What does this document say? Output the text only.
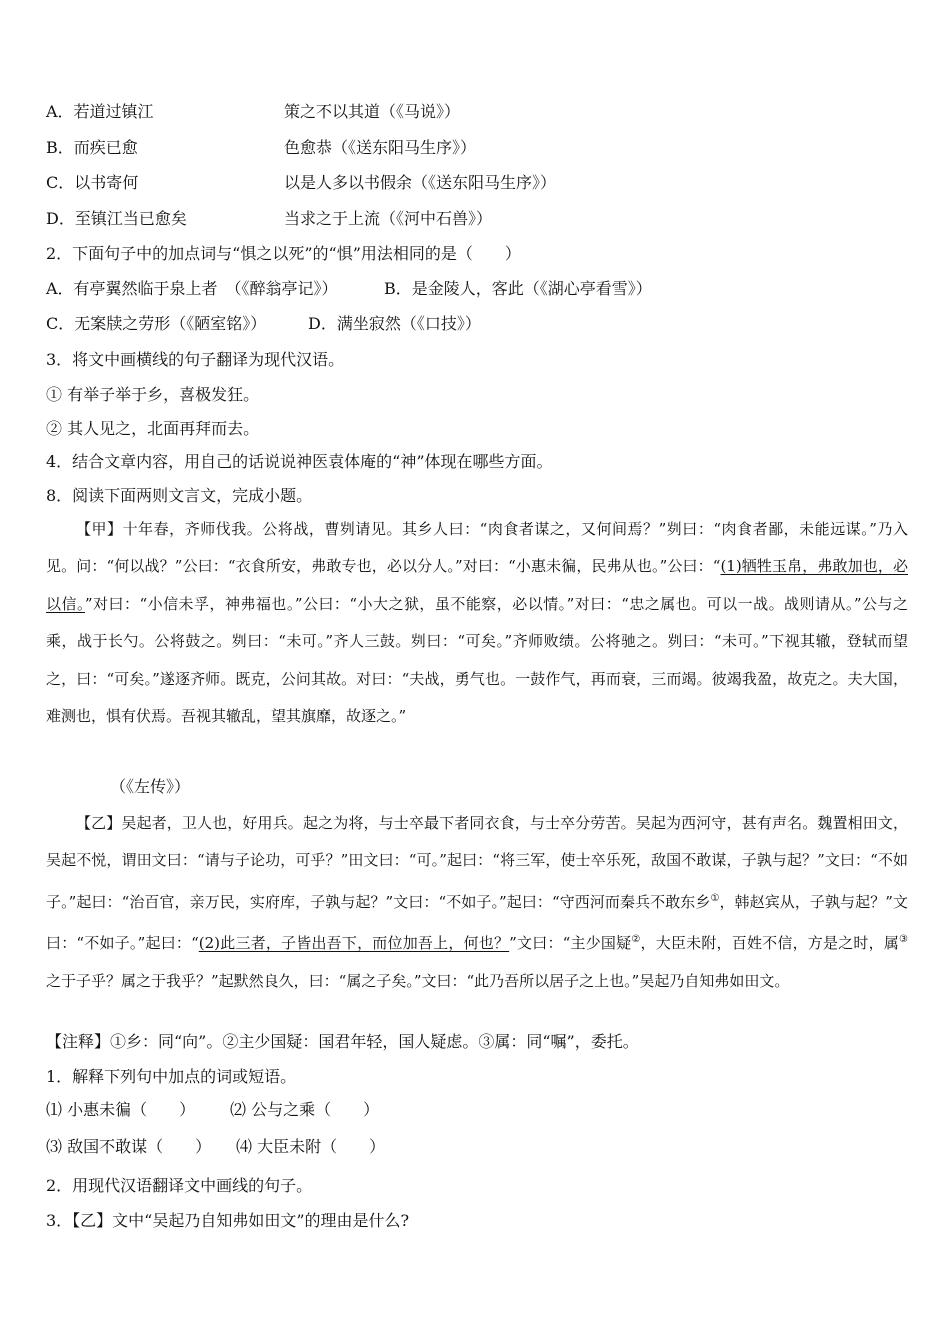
A．若道过镇江	策之不以其道（《马说》）
B．而疾已愈	色愈恭（《送东阳马生序》）
C．以书寄何	以是人多以书假余（《送东阳马生序》）
D．至镇江当已愈矣	当求之于上流（《河中石兽》）
2．下面句子中的加点词与“惧之以死”的“惧”用法相同的是（　　）
A．有亭翼然临于泉上者　（《醉翁亭记》）	B．是金陵人，客此（《湖心亭看雪》）
C．无案牍之劳形（《陋室铭》）	D．满坐寂然（《口技》）
3．将文中画横线的句子翻译为现代汉语。
① 有举子举于乡，喜极发狂。
② 其人见之，北面再拜而去。
4．结合文章内容，用自己的话说说神医袁体庵的“神”体现在哪些方面。
8．阅读下面两则文言文，完成小题。
【甲】十年春，齐师伐我。公将战，曹刿请见。其乡人曰：“肉食者谋之，又何间焉？”刿曰：“肉食者鄙，未能远谋。”乃入见。问：“何以战？”公曰：“衣食所安，弗敢专也，必以分人。”对曰：“小惠未徧，民弗从也。”公曰：“(1)牺牲玉帛，弗敢加也，必以信。”对曰：“小信未孚，神弗福也。”公曰：“小大之狱，虽不能察，必以情。”对曰：“忠之属也。可以一战。战则请从。”公与之乘，战于长勺。公将鼓之。刿曰：“未可。”齐人三鼓。刿曰：“可矣。”齐师败绩。公将驰之。刿曰：“未可。”下视其辙，登轼而望之，曰：“可矣。”遂逐齐师。既克，公问其故。对曰：“夫战，勇气也。一鼓作气，再而衰，三而竭。彼竭我盈，故克之。夫大国，难测也，惧有伏焉。吾视其辙乱，望其旗靡，故逐之。”
（《左传》）
【乙】吴起者，卫人也，好用兵。起之为将，与士卒最下者同衣食，与士卒分劳苦。吴起为西河守，甚有声名。魏置相田文，吴起不悦，谓田文曰：“请与子论功，可乎？”田文曰：“可。”起曰：“将三军，使士卒乐死，敌国不敢谋，子孰与起？”文曰：“不如子。”起曰：“治百官，亲万民，实府库，子孰与起？”文曰：“不如子。”起曰：“守西河而秦兵不敢东乡①，韩赵宾从，子孰与起？”文曰：“不如子。”起曰：“(2)此三者，子皆出吾下，而位加吾上，何也？”文曰：“主少国疑②，大臣未附，百姓不信，方是之时，属③之于子乎？属之于我乎？”起默然良久，曰：“属之子矣。”文曰：“此乃吾所以居子之上也。”吴起乃自知弗如田文。
【注释】①乡：同“向”。②主少国疑：国君年轻，国人疑虑。③属：同“嘱”，委托。
1．解释下列句中加点的词或短语。
⑴ 小惠未徧（　　） ⑵ 公与之乘（　　）
⑶ 敌国不敢谋（　　） ⑷ 大臣未附（　　）
2．用现代汉语翻译文中画线的句子。
3．【乙】文中“吴起乃自知弗如田文”的理由是什么?
